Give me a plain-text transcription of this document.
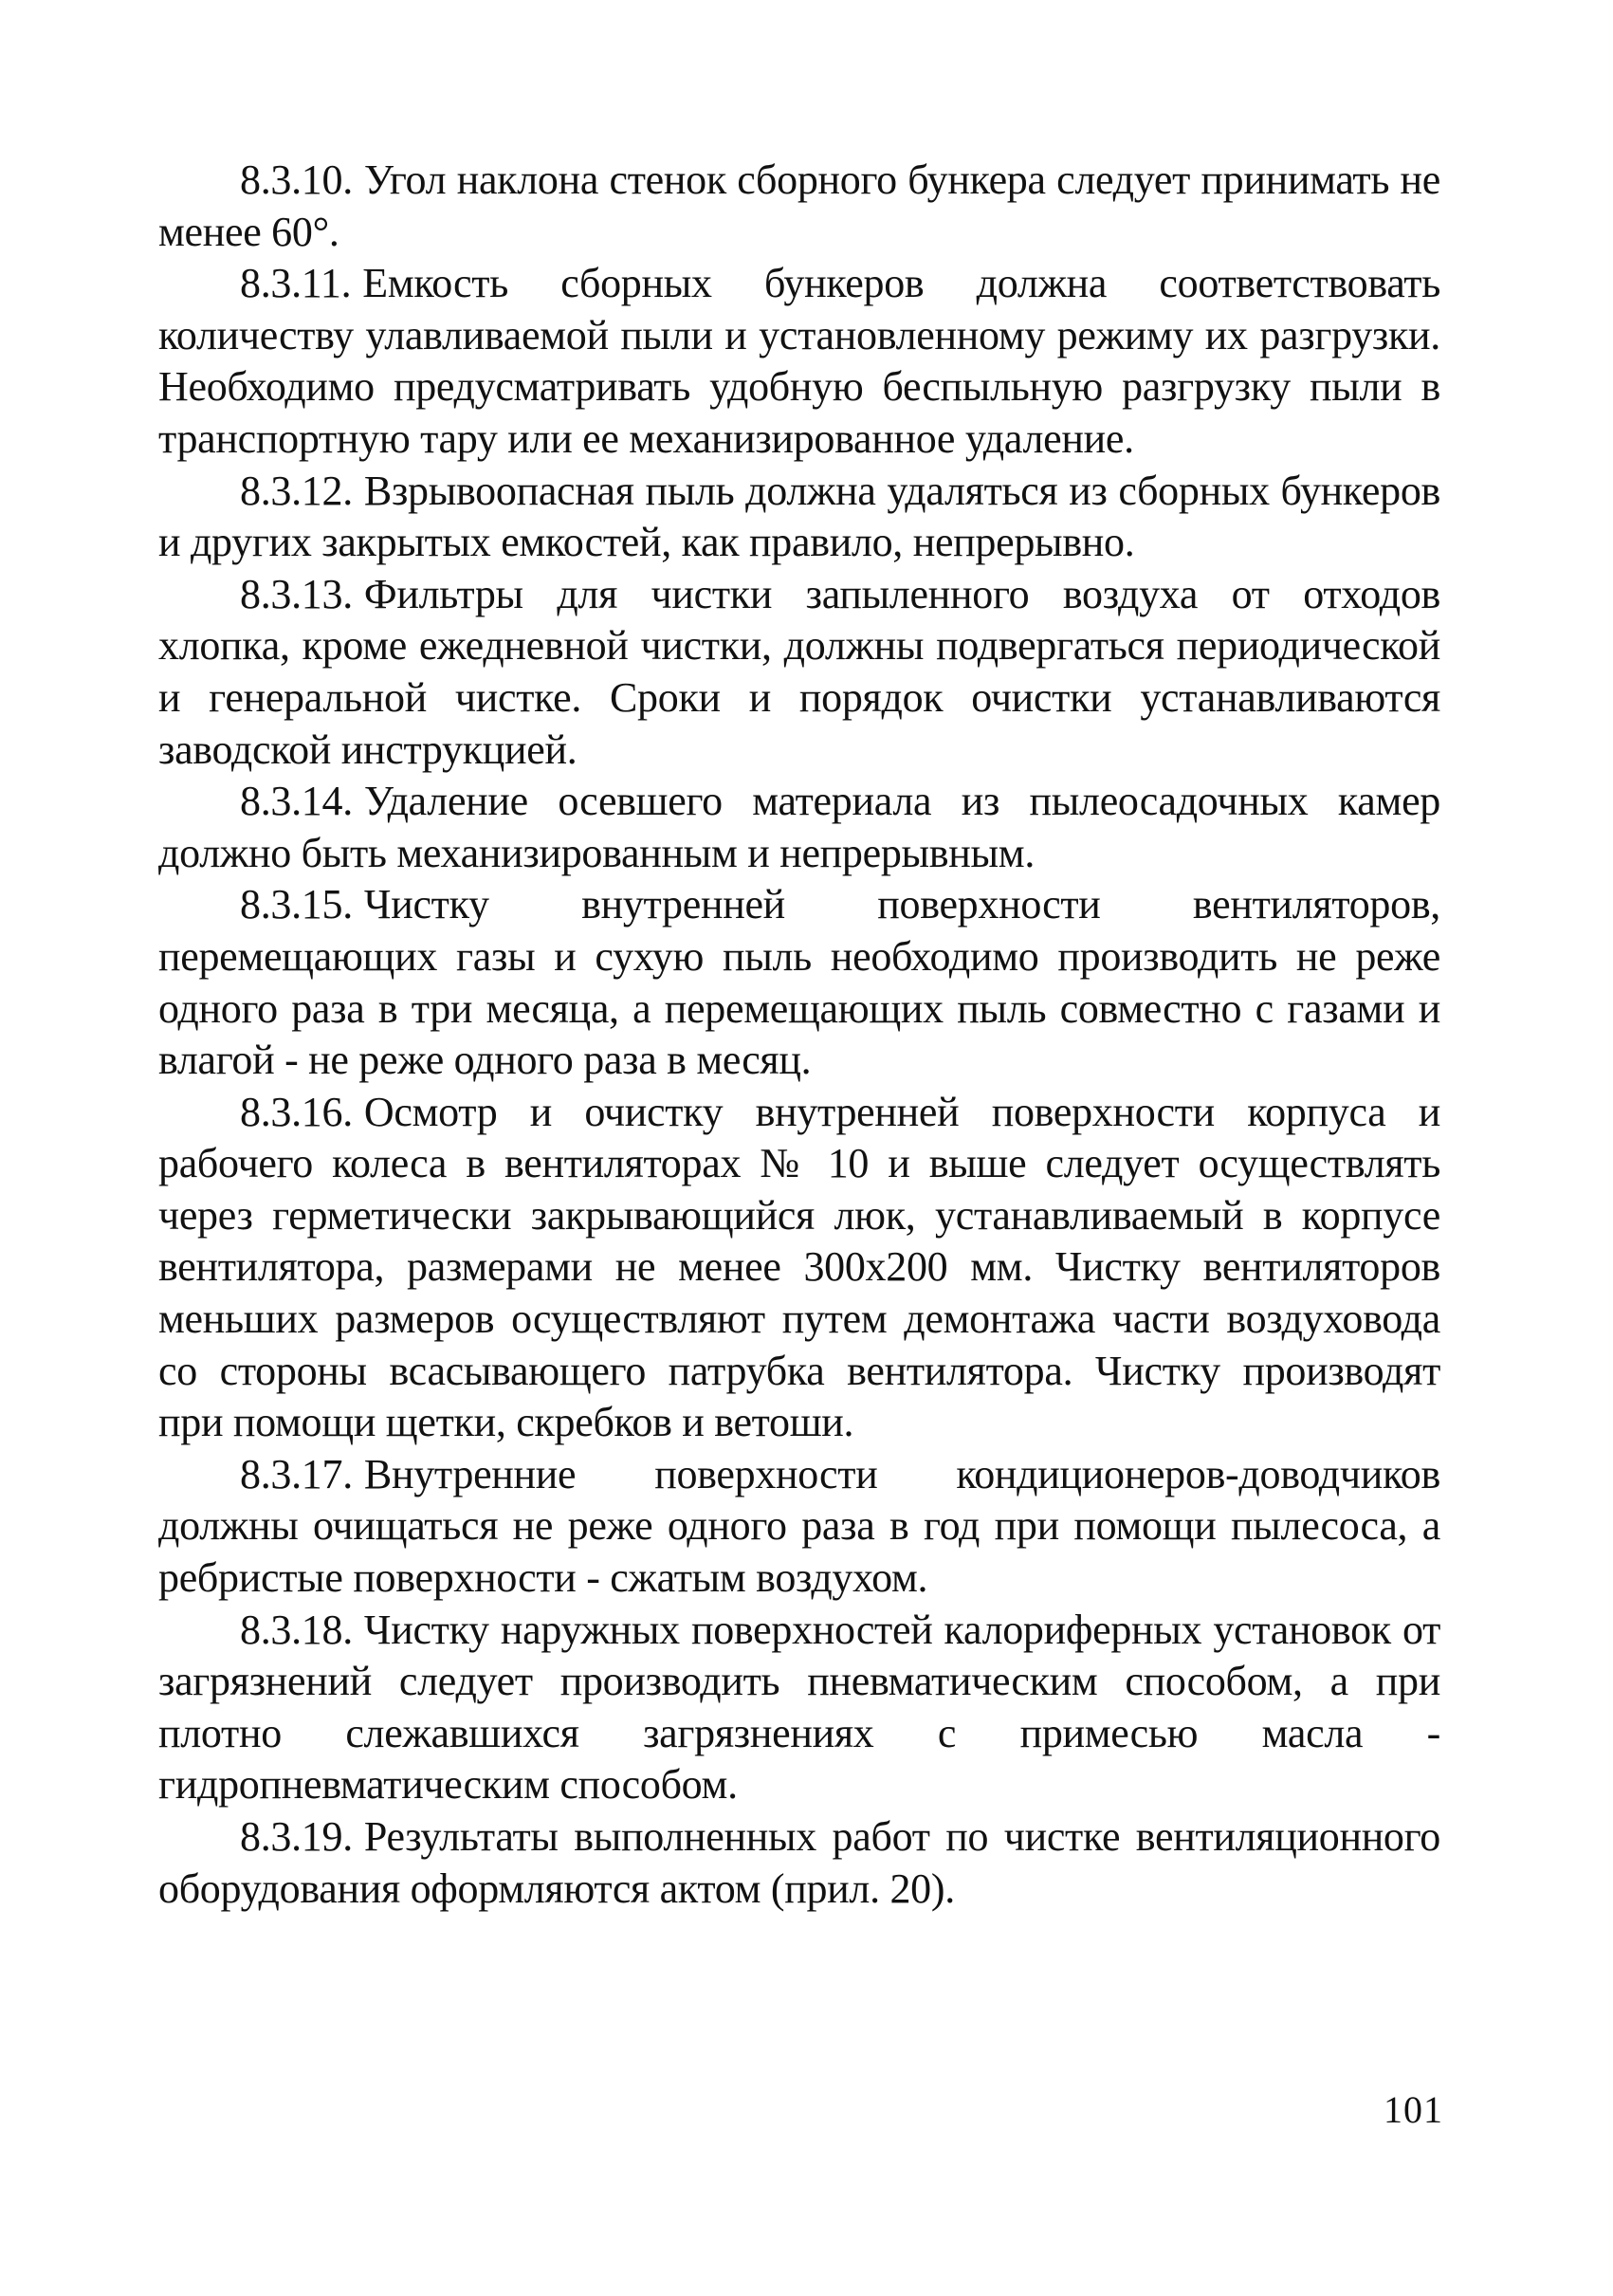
8.3.10. Угол наклона стенок сборного бункера следует принимать не менее 60°.

8.3.11. Емкость сборных бункеров должна соответствовать количеству улавливаемой пыли и установленному режиму их разгрузки. Необходимо предусматривать удобную беспыльную разгрузку пыли в транспортную тару или ее механизированное удаление.

8.3.12. Взрывоопасная пыль должна удаляться из сборных бункеров и других закрытых емкостей, как правило, непрерывно.

8.3.13. Фильтры для чистки запыленного воздуха от отходов хлопка, кроме ежедневной чистки, должны подвергаться периодической и генеральной чистке. Сроки и порядок очистки устанавливаются заводской инструкцией.

8.3.14. Удаление осевшего материала из пылеосадочных камер должно быть механизированным и непрерывным.

8.3.15. Чистку внутренней поверхности вентиляторов, перемещающих газы и сухую пыль необходимо производить не реже одного раза в три месяца, а перемещающих пыль совместно с газами и влагой - не реже одного раза в месяц.

8.3.16. Осмотр и очистку внутренней поверхности корпуса и рабочего колеса в вентиляторах № 10 и выше следует осуществлять через герметически закрывающийся люк, устанавливаемый в корпусе вентилятора, размерами не менее 300x200 мм. Чистку вентиляторов меньших размеров осуществляют путем демонтажа части воздуховода со стороны всасывающего патрубка вентилятора. Чистку производят при помощи щетки, скребков и ветоши.

8.3.17. Внутренние поверхности кондиционеров-доводчиков должны очищаться не реже одного раза в год при помощи пылесоса, а ребристые поверхности - сжатым воздухом.

8.3.18. Чистку наружных поверхностей калориферных установок от загрязнений следует производить пневматическим способом, а при плотно слежавшихся загрязнениях с примесью масла - гидропневматическим способом.

8.3.19. Результаты выполненных работ по чистке вентиляционного оборудования оформляются актом (прил. 20).

101
